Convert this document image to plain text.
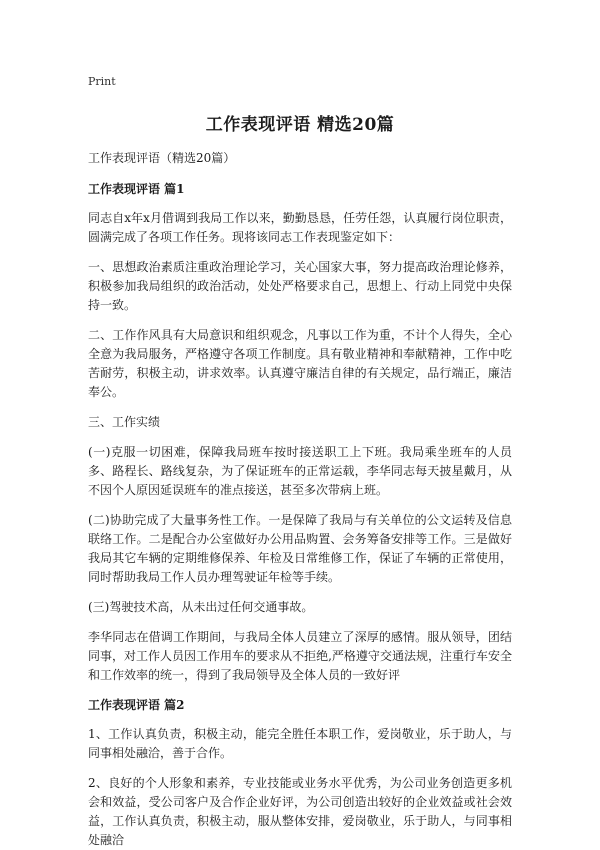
Print
工作表现评语 精选20篇

工作表现评语（精选20篇）

工作表现评语 篇1

同志自x年x月借调到我局工作以来，勤勤恳恳，任劳任怨，认真履行岗位职责，圆满完成了各项工作任务。现将该同志工作表现鉴定如下：

一、思想政治素质注重政治理论学习，关心国家大事，努力提高政治理论修养，积极参加我局组织的政治活动，处处严格要求自己，思想上、行动上同党中央保持一致。

二、工作作风具有大局意识和组织观念，凡事以工作为重，不计个人得失，全心全意为我局服务，严格遵守各项工作制度。具有敬业精神和奉献精神，工作中吃苦耐劳，积极主动，讲求效率。认真遵守廉洁自律的有关规定，品行端正，廉洁奉公。

三、工作实绩

(一)克服一切困难，保障我局班车按时接送职工上下班。我局乘坐班车的人员多、路程长、路线复杂，为了保证班车的正常运载，李华同志每天披星戴月，从不因个人原因延误班车的准点接送，甚至多次带病上班。

(二)协助完成了大量事务性工作。一是保障了我局与有关单位的公文运转及信息联络工作。二是配合办公室做好办公用品购置、会务筹备安排等工作。三是做好我局其它车辆的定期维修保养、年检及日常维修工作，保证了车辆的正常使用，同时帮助我局工作人员办理驾驶证年检等手续。

(三)驾驶技术高，从未出过任何交通事故。

李华同志在借调工作期间，与我局全体人员建立了深厚的感情。服从领导，团结同事，对工作人员因工作用车的要求从不拒绝,严格遵守交通法规，注重行车安全和工作效率的统一，得到了我局领导及全体人员的一致好评

工作表现评语 篇2

1、工作认真负责，积极主动，能完全胜任本职工作，爱岗敬业，乐于助人，与同事相处融洽，善于合作。

2、良好的个人形象和素养，专业技能或业务水平优秀，为公司业务创造更多机会和效益，受公司客户及合作企业好评，为公司创造出较好的企业效益或社会效益，工作认真负责，积极主动，服从整体安排，爱岗敬业，乐于助人，与同事相处融洽
